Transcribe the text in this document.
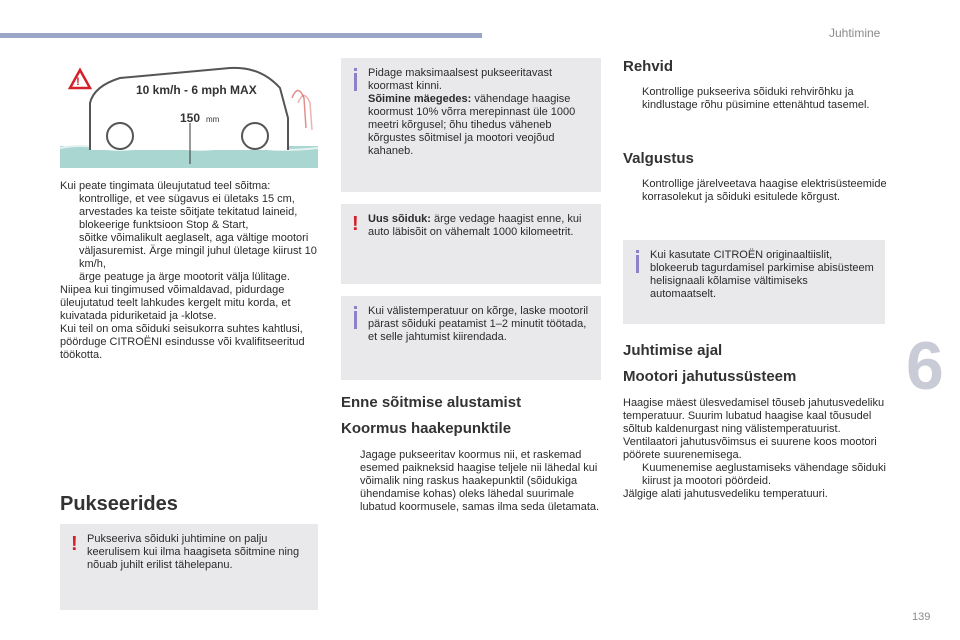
Juhtimine
6
139
!
10 km/h - 6 mph MAX
150 mm

Kui peate tingimata üleujutatud teel sõitma:

kontrollige, et vee sügavus ei ületaks 15 cm, arvestades ka teiste sõitjate tekitatud laineid,

blokeerige funktsioon Stop & Start,

sõitke võimalikult aeglaselt, aga vältige mootori väljasuremist. Ärge mingil juhul ületage kiirust 10 km/h,

ärge peatuge ja ärge mootorit välja lülitage.

Niipea kui tingimused võimaldavad, pidurdage üleujutatud teelt lahkudes kergelt mitu korda, et kuivatada piduriketaid ja -klotse.

Kui teil on oma sõiduki seisukorra suhtes kahtlusi, pöörduge CITROËNI esindusse või kvalifitseeritud töökotta.

Pukseerides
! Pukseeriva sõiduki juhtimine on palju keerulisem kui ilma haagiseta sõitmine ning nõuab juhilt erilist tähelepanu.
Pidage maksimaalsest pukseeritavast koormast kinni.
Sõimine mäegedes: vähendage haagise koormust 10% võrra merepinnast üle 1000 meetri kõrgusel; õhu tihedus väheneb kõrgustes sõitmisel ja mootori veojõud kahaneb.
! Uus sõiduk: ärge vedage haagist enne, kui auto läbisõit on vähemalt 1000 kilomeetrit.
Kui välistemperatuur on kõrge, laske mootoril pärast sõiduki peatamist 1–2 minutit töötada, et selle jahtumist kiirendada.
Enne sõitmise alustamist
Koormus haakepunktile

Jagage pukseeritav koormus nii, et raskemad esemed paikneksid haagise teljele nii lähedal kui võimalik ning raskus haakepunktil (sõidukiga ühendamise kohas) oleks lähedal suurimale lubatud koormusele, samas ilma seda ületamata.

Rehvid

Kontrollige pukseeriva sõiduki rehvirõhku ja kindlustage rõhu püsimine ettenähtud tasemel.

Valgustus

Kontrollige järelveetava haagise elektrisüsteemide korrasolekut ja sõiduki esitulede kõrgust.

Kui kasutate CITROËN originaaltiislit, blokeerub tagurdamisel parkimise abisüsteem helisignaali kõlamise vältimiseks automaatselt.
Juhtimise ajal
Mootori jahutussüsteem

Haagise mäest ülesvedamisel tõuseb jahutusvedeliku temperatuur. Suurim lubatud haagise kaal tõusudel sõltub kaldenurgast ning välistemperatuurist. Ventilaatori jahutusvõimsus ei suurene koos mootori pöörete suurenemisega.

Kuumenemise aeglustamiseks vähendage sõiduki kiirust ja mootori pöördeid.

Jälgige alati jahutusvedeliku temperatuuri.
